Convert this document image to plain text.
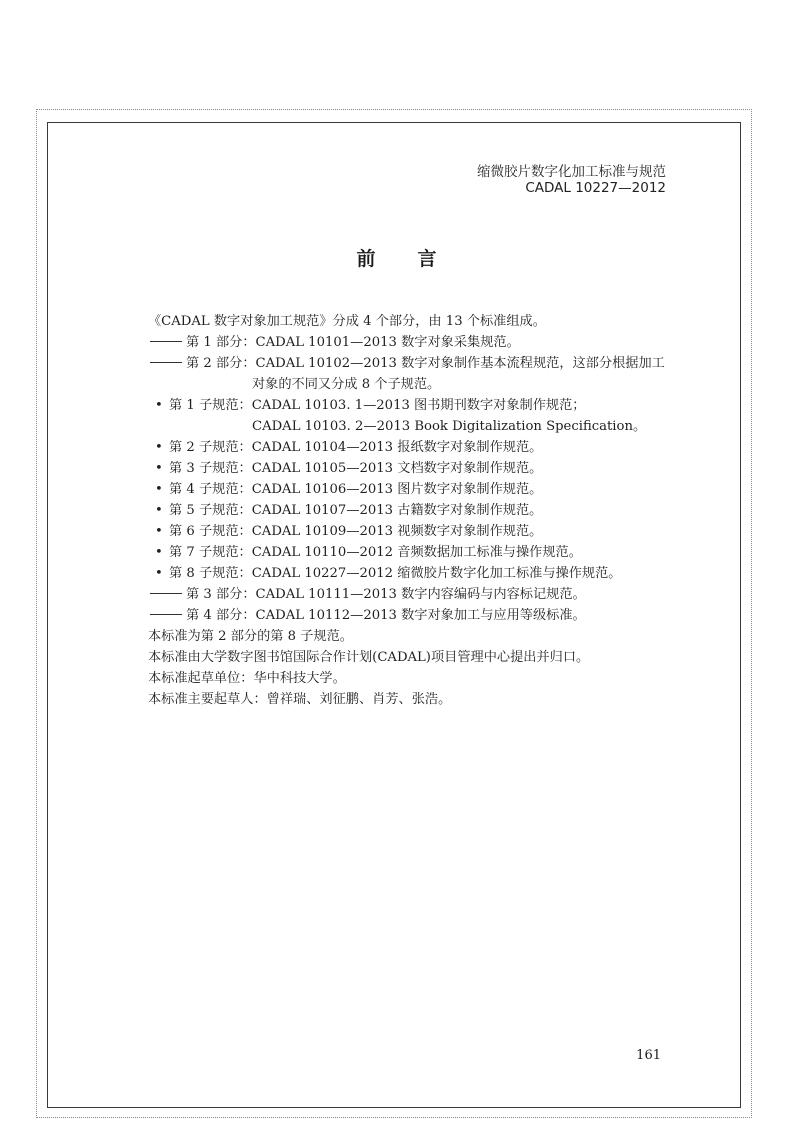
缩微胶片数字化加工标准与规范
CADAL 10227—2012
前言
《CADAL 数字对象加工规范》分成 4 个部分，由 13 个标准组成。
第 1 部分：CADAL 10101—2013 数字对象采集规范。
第 2 部分：CADAL 10102—2013 数字对象制作基本流程规范，这部分根据加工
对象的不同又分成 8 个子规范。
• 第 1 子规范：CADAL 10103. 1—2013 图书期刊数字对象制作规范；
CADAL 10103. 2—2013 Book Digitalization Specification。
• 第 2 子规范：CADAL 10104—2013 报纸数字对象制作规范。
• 第 3 子规范：CADAL 10105—2013 文档数字对象制作规范。
• 第 4 子规范：CADAL 10106—2013 图片数字对象制作规范。
• 第 5 子规范：CADAL 10107—2013 古籍数字对象制作规范。
• 第 6 子规范：CADAL 10109—2013 视频数字对象制作规范。
• 第 7 子规范：CADAL 10110—2012 音频数据加工标准与操作规范。
• 第 8 子规范：CADAL 10227—2012 缩微胶片数字化加工标准与操作规范。
第 3 部分：CADAL 10111—2013 数字内容编码与内容标记规范。
第 4 部分：CADAL 10112—2013 数字对象加工与应用等级标准。
本标准为第 2 部分的第 8 子规范。
本标准由大学数字图书馆国际合作计划(CADAL)项目管理中心提出并归口。
本标准起草单位：华中科技大学。
本标准主要起草人：曾祥瑞、刘征鹏、肖芳、张浩。
161
